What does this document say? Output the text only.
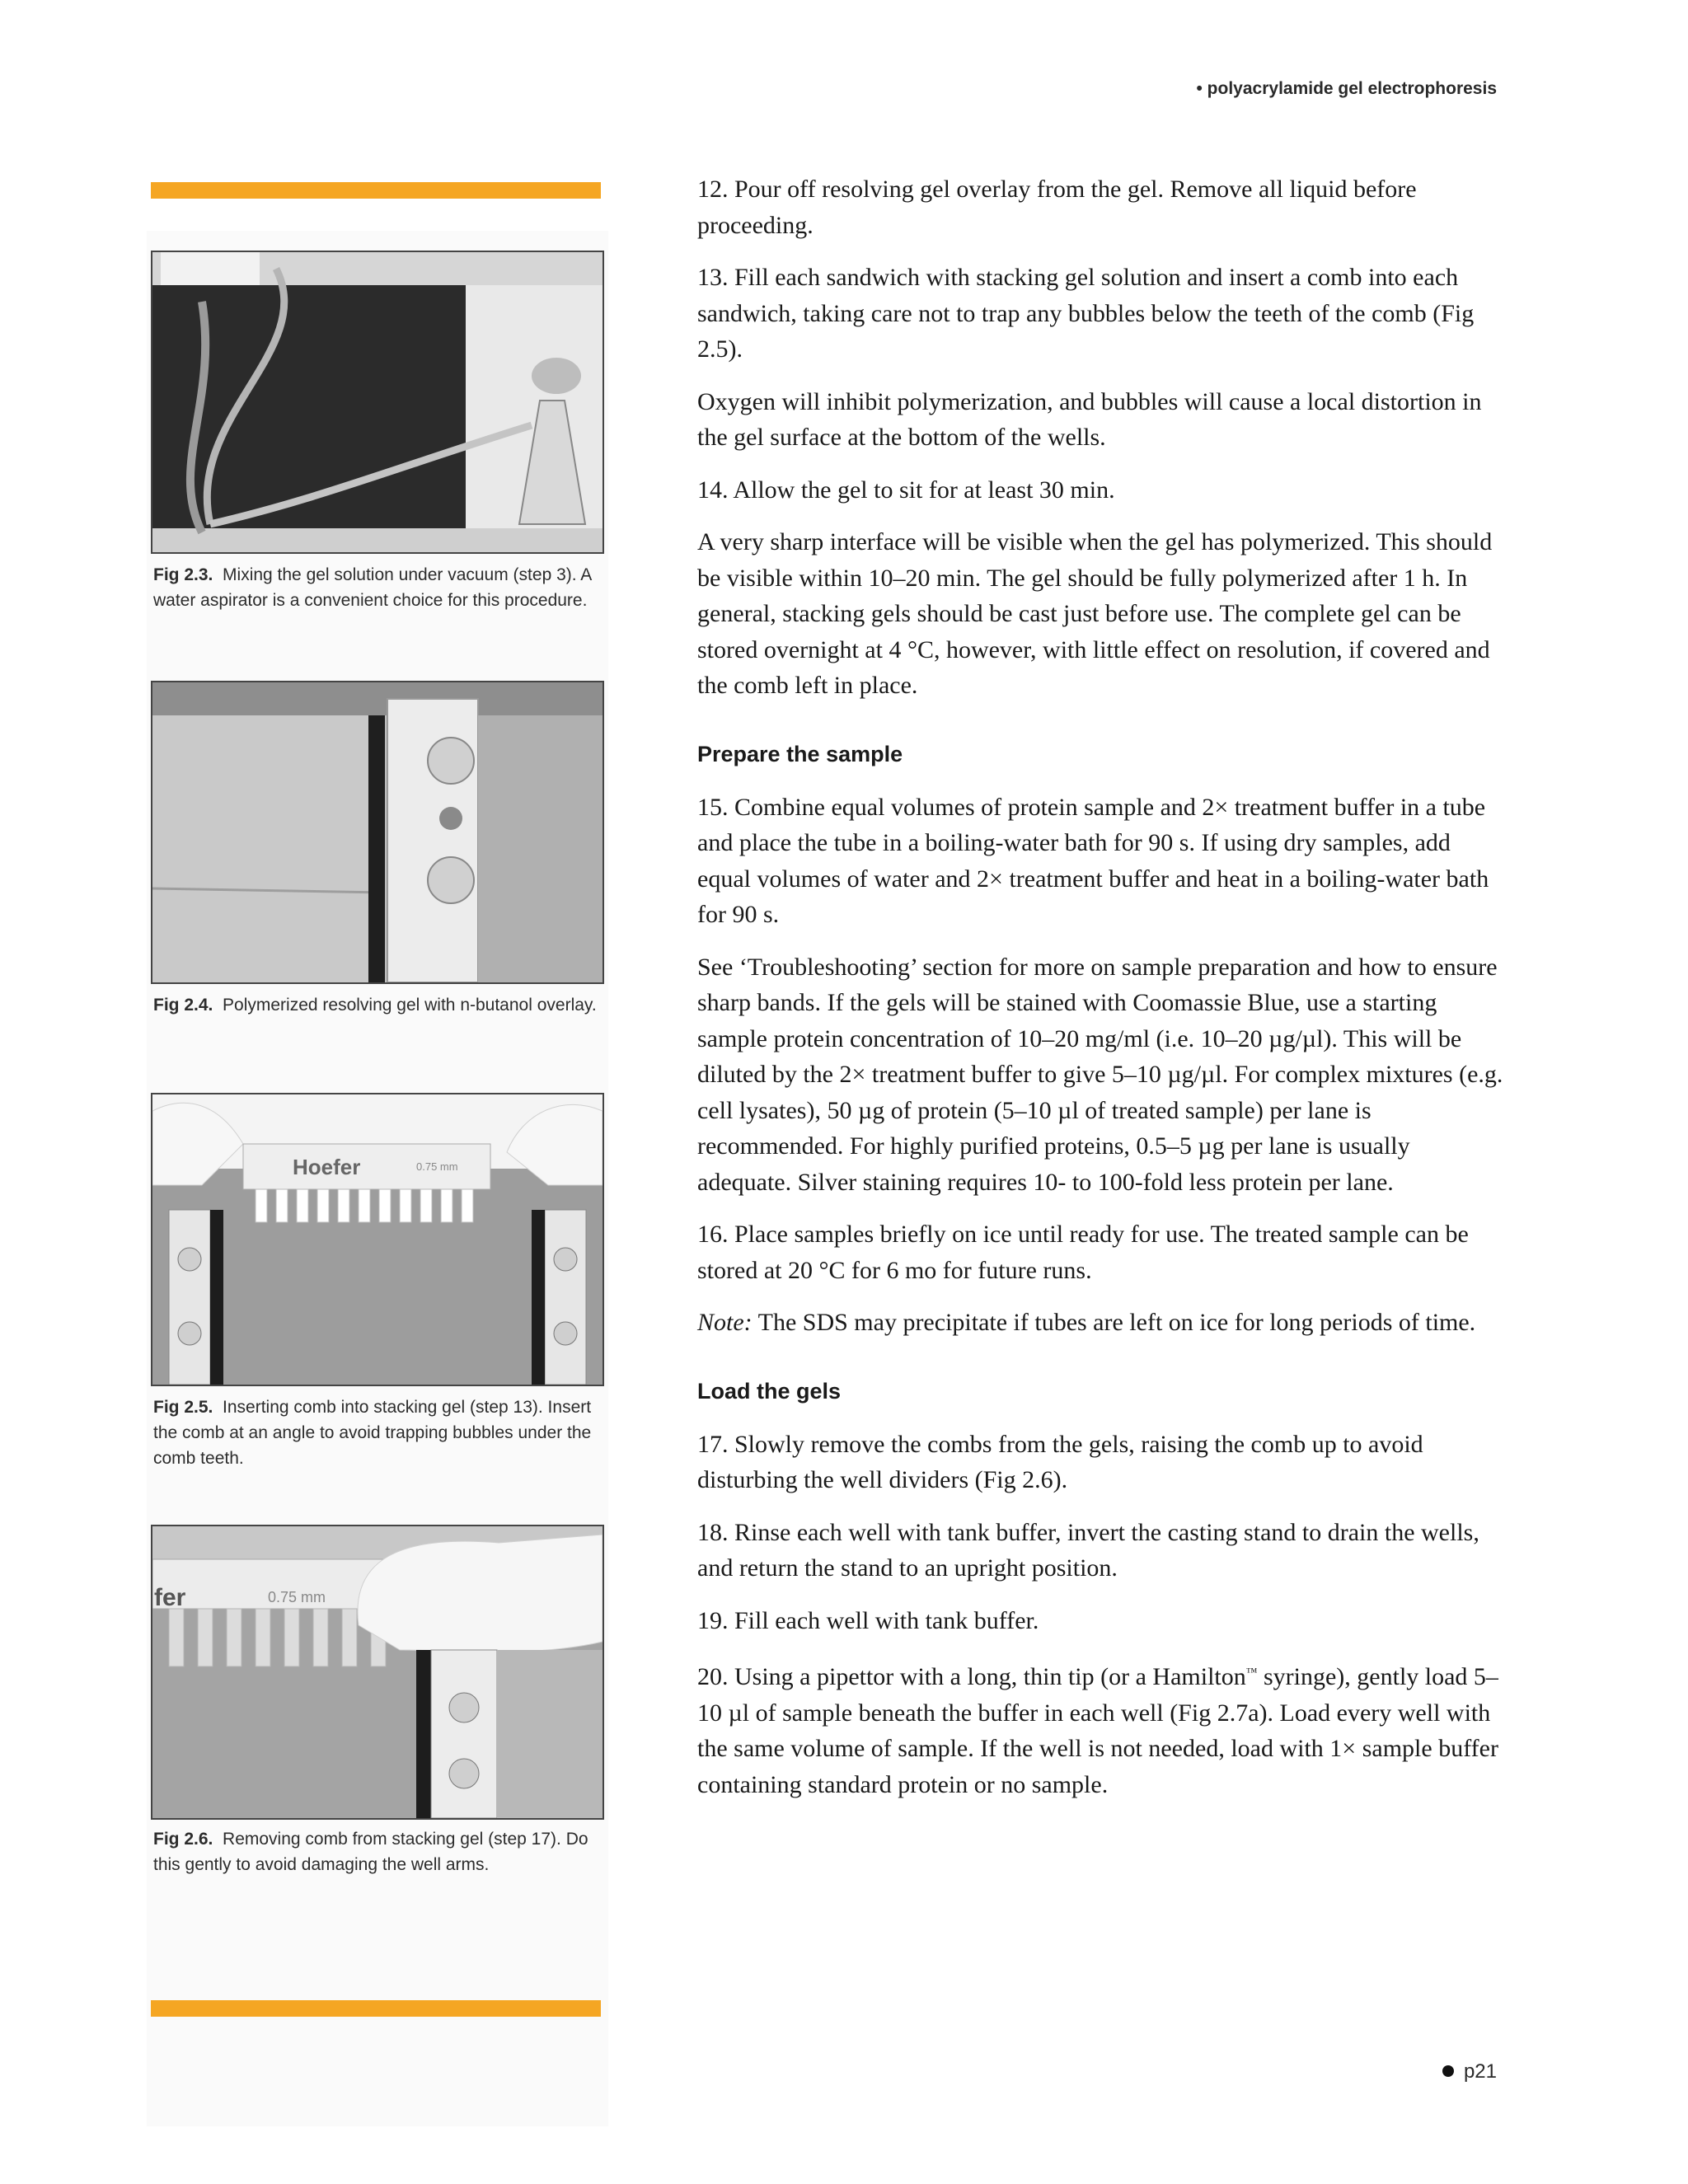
• polyacrylamide gel electrophoresis
Fig 2.3. Mixing the gel solution under vacuum (step 3). A water aspirator is a convenient choice for this procedure.
Fig 2.4. Polymerized resolving gel with n-butanol overlay.
Hoefer	0.75 mm
Fig 2.5. Inserting comb into stacking gel (step 13). Insert the comb at an angle to avoid trapping bubbles under the comb teeth.
fer	0.75 mm
Fig 2.6. Removing comb from stacking gel (step 17). Do this gently to avoid damaging the well arms.

12. Pour off resolving gel overlay from the gel. Remove all liquid before proceeding.

13. Fill each sandwich with stacking gel solution and insert a comb into each sandwich, taking care not to trap any bubbles below the teeth of the comb (Fig 2.5).

Oxygen will inhibit polymerization, and bubbles will cause a local distortion in the gel surface at the bottom of the wells.

14. Allow the gel to sit for at least 30 min.

A very sharp interface will be visible when the gel has polymerized. This should be visible within 10–20 min. The gel should be fully polymerized after 1 h. In general, stacking gels should be cast just before use. The complete gel can be stored overnight at 4 °C, however, with little effect on resolution, if covered and the comb left in place.

Prepare the sample

15. Combine equal volumes of protein sample and 2× treatment buffer in a tube and place the tube in a boiling-water bath for 90 s. If using dry samples, add equal volumes of water and 2× treatment buffer and heat in a boiling-water bath for 90 s.

See ‘Troubleshooting’ section for more on sample preparation and how to ensure sharp bands. If the gels will be stained with Coomassie Blue, use a starting sample protein concentration of 10–20 mg/ml (i.e. 10–20 µg/µl). This will be diluted by the 2× treatment buffer to give 5–10 µg/µl. For complex mixtures (e.g. cell lysates), 50 µg of protein (5–10 µl of treated sample) per lane is recommended. For highly purified proteins, 0.5–5 µg per lane is usually adequate. Silver staining requires 10- to 100-fold less protein per lane.

16. Place samples briefly on ice until ready for use. The treated sample can be stored at 20 °C for 6 mo for future runs.

Note: The SDS may precipitate if tubes are left on ice for long periods of time.

Load the gels

17. Slowly remove the combs from the gels, raising the comb up to avoid disturbing the well dividers (Fig 2.6).

18. Rinse each well with tank buffer, invert the casting stand to drain the wells, and return the stand to an upright position.

19. Fill each well with tank buffer.

20. Using a pipettor with a long, thin tip (or a Hamilton™ syringe), gently load 5–10 µl of sample beneath the buffer in each well (Fig 2.7a). Load every well with the same volume of sample. If the well is not needed, load with 1× sample buffer containing standard protein or no sample.

p21
